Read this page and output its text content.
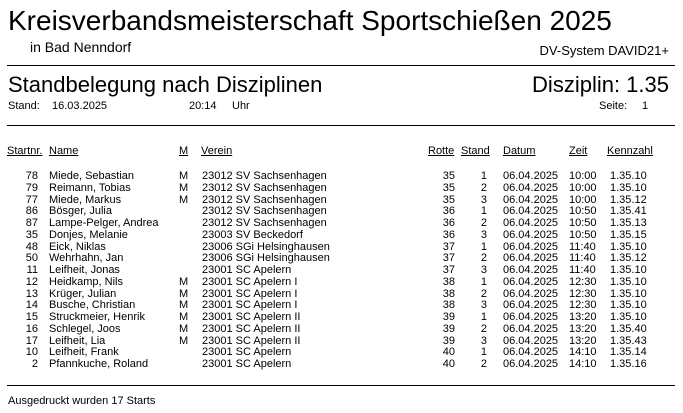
Kreisverbandsmeisterschaft Sportschießen 2025
in Bad Nenndorf	DV-System DAVID21+
Standbelegung nach Disziplinen	Disziplin: 1.35
Stand: 16.03.2025	20:14 Uhr	Seite: 1
Startnr. Name	M Verein	Rotte Stand Datum	Zeit Kennzahl
78 Miede, Sebastian	M 23012 SV Sachsenhagen	35 1 06.04.2025 10:00 1.35.10
79 Reimann, Tobias	M 23012 SV Sachsenhagen	35 2 06.04.2025 10:00 1.35.10
77 Miede, Markus	M 23012 SV Sachsenhagen	35 3 06.04.2025 10:00 1.35.12
86 Bösger, Julia	23012 SV Sachsenhagen	36 1 06.04.2025 10:50 1.35.41
87 Lampe-Pelger, Andrea	23012 SV Sachsenhagen	36 2 06.04.2025 10:50 1.35.13
35 Donjes, Melanie	23003 SV Beckedorf	36 3 06.04.2025 10:50 1.35.15
48 Eick, Niklas	23006 SGi Helsinghausen	37 1 06.04.2025 11:40 1.35.10
50 Wehrhahn, Jan	23006 SGi Helsinghausen	37 2 06.04.2025 11:40 1.35.12
11 Leifheit, Jonas	23001 SC Apelern	37 3 06.04.2025 11:40 1.35.10
12 Heidkamp, Nils	M 23001 SC Apelern I	38 1 06.04.2025 12:30 1.35.10
13 Krüger, Julian	M 23001 SC Apelern I	38 2 06.04.2025 12:30 1.35.10
14 Busche, Christian	M 23001 SC Apelern I	38 3 06.04.2025 12:30 1.35.10
15 Struckmeier, Henrik	M 23001 SC Apelern II	39 1 06.04.2025 13:20 1.35.10
16 Schlegel, Joos	M 23001 SC Apelern II	39 2 06.04.2025 13:20 1.35.40
17 Leifheit, Lia	M 23001 SC Apelern II	39 3 06.04.2025 13:20 1.35.43
10 Leifheit, Frank	23001 SC Apelern	40 1 06.04.2025 14:10 1.35.14
2 Pfannkuche, Roland	23001 SC Apelern	40 2 06.04.2025 14:10 1.35.16
Ausgedruckt wurden 17 Starts
